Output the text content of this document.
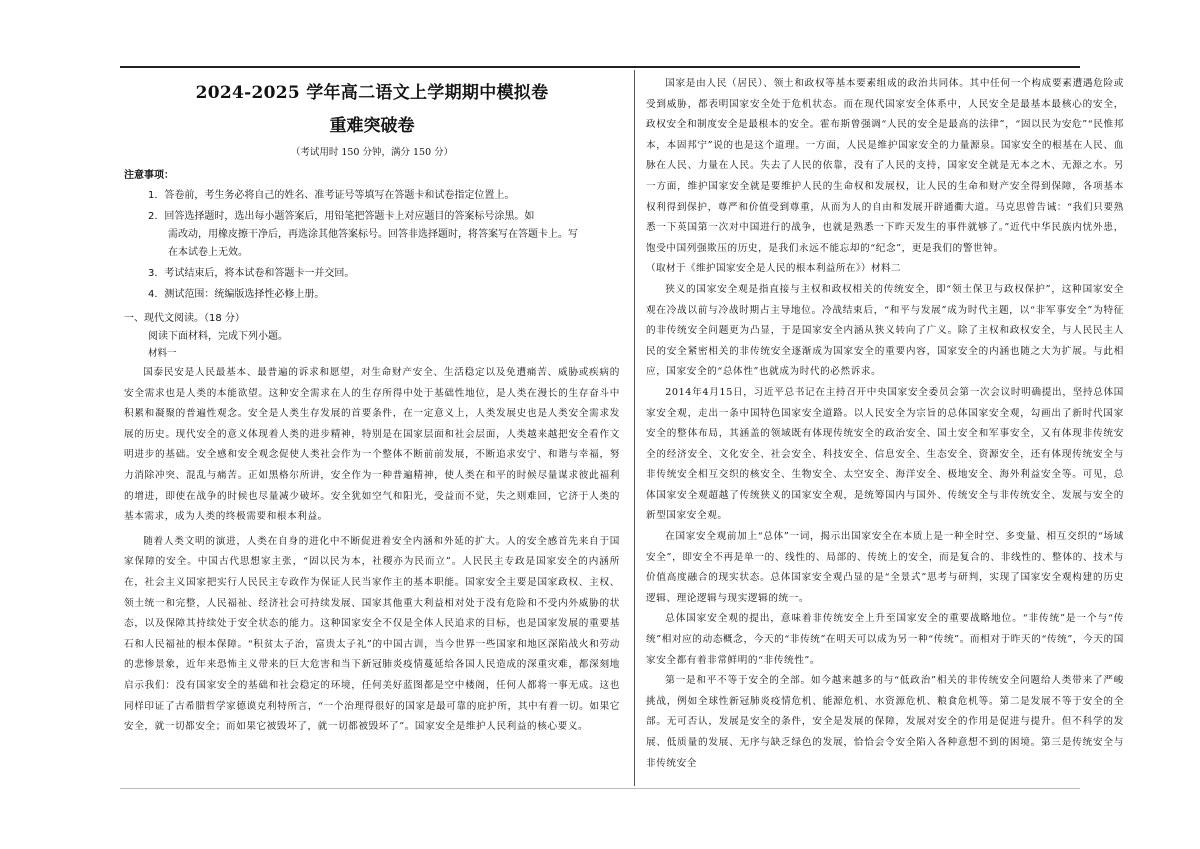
2024-2025 学年高二语文上学期期中模拟卷
重难突破卷
（考试用时 150 分钟，满分 150 分）
注意事项：
1．答卷前，考生务必将自己的姓名、准考证号等填写在答题卡和试卷指定位置上。
2．回答选择题时，选出每小题答案后，用铅笔把答题卡上对应题目的答案标号涂黑。如
需改动，用橡皮擦干净后，再选涂其他答案标号。回答非选择题时，将答案写在答题卡上。写
在本试卷上无效。
3．考试结束后，将本试卷和答题卡一并交回。
4．测试范围：统编版选择性必修上册。
一、现代文阅读。（18 分）
阅读下面材料，完成下列小题。
材料一

国泰民安是人民最基本、最普遍的诉求和愿望，对生命财产安全、生活稳定以及免遭痛苦、威胁或疾病的安全需求也是人类的本能欲望。这种安全需求在人的生存所得中处于基础性地位，是人类在漫长的生存奋斗中积累和凝聚的普遍性观念。安全是人类生存发展的首要条件，在一定意义上，人类发展史也是人类安全需求发展的历史。现代安全的意义体现着人类的进步精神，特别是在国家层面和社会层面，人类越来越把安全看作文明进步的基础。安全感和安全观念促使人类社会作为一个整体不断前前发展，不断追求安宁、和谐与幸福，努力消除冲突、混乱与痛苦。正如黑格尔所讲，安全作为一种普遍精神，使人类在和平的时候尽量谋求彼此福利的增进，即使在战争的时候也尽量减少破坏。安全犹如空气和阳光，受益而不觉，失之则难回，它济于人类的基本需求，成为人类的终极需要和根本利益。

随着人类文明的演进，人类在自身的进化中不断促进着安全内涵和外延的扩大。人的安全感首先来自于国家保障的安全。中国古代思想家主张，“固以民为本，社稷亦为民而立”。人民民主专政是国家安全的内涵所在，社会主义国家把实行人民民主专政作为保证人民当家作主的基本职能。国家安全主要是国家政权、主权、领土统一和完整，人民福祉、经济社会可持续发展、国家其他重大利益相对处于没有危险和不受内外威胁的状态，以及保障其持续处于安全状态的能力。这种国家安全不仅是全体人民追求的目标，也是国家发展的重要基石和人民福祉的根本保障。“积贫太子治，富贵太子礼”的中国古训，当今世界一些国家和地区深陷战火和劳动的悲惨景象，近年来恐怖主义带来的巨大危害和当下新冠肺炎疫情蔓延给各国人民造成的深重灾难，都深刻地启示我们：没有国家安全的基础和社会稳定的环境，任何美好蓝图都是空中楼阁，任何人都将一事无成。这也同样印证了古希腊哲学家德谟克利特所言，“一个治理得很好的国家是最可靠的庇护所，其中有着一切。如果它安全，就一切都安全；而如果它被毁坏了，就一切都被毁坏了”。国家安全是维护人民利益的核心要义。

国家是由人民（居民）、领土和政权等基本要素组成的政治共同体。其中任何一个构成要素遭遇危险或受到威胁，都表明国家安全处于危机状态。而在现代国家安全体系中，人民安全是最基本最核心的安全，政权安全和制度安全是最根本的安全。霍布斯曾强调“人民的安全是最高的法律”，“固以民为安危”“民惟邦本，本固邦宁”说的也是这个道理。一方面，人民是维护国家安全的力量源泉。国家安全的根基在人民、血脉在人民、力量在人民。失去了人民的依靠，没有了人民的支持，国家安全就是无本之木、无源之水。另一方面，维护国家安全就是要维护人民的生命权和发展权，让人民的生命和财产安全得到保障，各项基本权利得到保护，尊严和价值受到尊重，从而为人的自由和发展开辟通衢大道。马克思曾告诫：“我们只要熟悉一下英国第一次对中国进行的战争，也就是熟悉一下昨天发生的事件就够了。”近代中华民族内忧外患，饱受中国列强欺压的历史，是我们永远不能忘却的“纪念”，更是我们的警世钟。

（取材于《维护国家安全是人民的根本利益所在》）材料二

狭义的国家安全观是指直接与主权和政权相关的传统安全，即“领土保卫与政权保护”，这种国家安全观在冷战以前与冷战时期占主导地位。冷战结束后，“和平与发展”成为时代主题，以“非军事安全”为特征的非传统安全问题更为凸显，于是国家安全内涵从狭义转向了广义。除了主权和政权安全，与人民民主人民的安全紧密相关的非传统安全逐渐成为国家安全的重要内容，国家安全的内涵也随之大为扩展。与此相应，国家安全的“总体性”也就成为时代的必然诉求。

2014年4月15日，习近平总书记在主持召开中央国家安全委员会第一次会议时明确提出，坚持总体国家安全观，走出一条中国特色国家安全道路。以人民安全为宗旨的总体国家安全观，勾画出了新时代国家安全的整体布局，其涵盖的领域既有体现传统安全的政治安全、国土安全和军事安全，又有体现非传统安全的经济安全、文化安全、社会安全、科技安全、信息安全、生态安全、资源安全，还有体现传统安全与非传统安全相互交织的核安全、生物安全、太空安全、海洋安全、极地安全、海外利益安全等。可见，总体国家安全观超越了传统狭义的国家安全观，是统筹国内与国外、传统安全与非传统安全、发展与安全的新型国家安全观。

在国家安全观前加上“总体”一词，揭示出国家安全在本质上是一种全时空、多变量、相互交织的“场域安全”，即安全不再是单一的、线性的、局部的、传统上的安全，而是复合的、非线性的、整体的、技术与价值高度融合的现实状态。总体国家安全观凸显的是“全景式”思考与研判，实现了国家安全观构建的历史逻辑、理论逻辑与现实逻辑的统一。

总体国家安全观的提出，意味着非传统安全上升至国家安全的重要战略地位。“非传统”是一个与“传统”相对应的动态概念，今天的“非传统”在明天可以成为另一种“传统”。而相对于昨天的“传统”，今天的国家安全都有着非常鲜明的“非传统性”。

第一是和平不等于安全的全部。如今越来越多的与“低政治”相关的非传统安全问题给人类带来了严峻挑战，例如全球性新冠肺炎疫情危机、能源危机、水资源危机、粮食危机等。第二是发展不等于安全的全部。无可否认，发展是安全的条件，安全是发展的保障，发展对安全的作用是促进与提升。但不科学的发展、低质量的发展、无序与缺乏绿色的发展，恰恰会令安全陷入各种意想不到的困境。第三是传统安全与非传统安全
